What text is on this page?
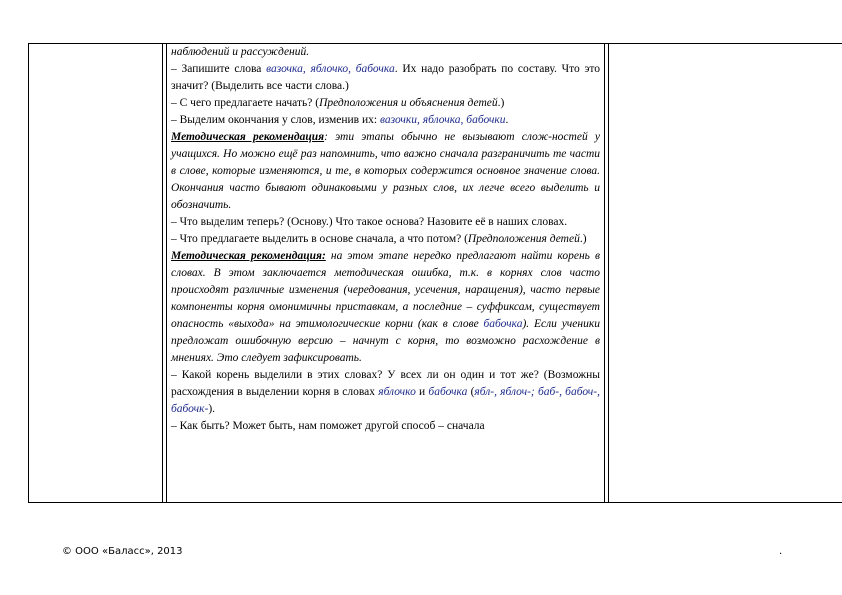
наблюдений и рассуждений.

– Запишите слова вазочка, яблочко, бабочка. Их надо разобрать по составу. Что это значит? (Выделить все части слова.)

– С чего предлагаете начать? (Предположения и объяснения детей.)

– Выделим окончания у слов, изменив их: вазочки, яблочка, бабочки.

Методическая рекомендация: эти этапы обычно не вызывают слож-ностей у учащихся. Но можно ещё раз напомнить, что важно сначала разграничить те части в слове, которые изменяются, и те, в которых содержится основное значение слова. Окончания часто бывают одинаковыми у разных слов, их легче всего выделить и обозначить.

– Что выделим теперь? (Основу.) Что такое основа? Назовите её в наших словах.

– Что предлагаете выделить в основе сначала, а что потом? (Предположения детей.)

Методическая рекомендация: на этом этапе нередко предлагают найти корень в словах. В этом заключается методическая ошибка, т.к. в корнях слов часто происходят различные изменения (чередования, усечения, наращения), часто первые компоненты корня омонимичны приставкам, а последние – суффиксам, существует опасность «выхода» на этимологические корни (как в слове бабочка). Если ученики предложат ошибочную версию – начнут с корня, то возможно расхождение в мнениях. Это следует зафиксировать.

– Какой корень выделили в этих словах? У всех ли он один и тот же? (Возможны расхождения в выделении корня в словах яблочко и бабочка (ябл-, яблоч-; баб-, бабоч-, бабочк-).

– Как быть? Может быть, нам поможет другой способ – сначала

© ООО «Баласс», 2013	.
